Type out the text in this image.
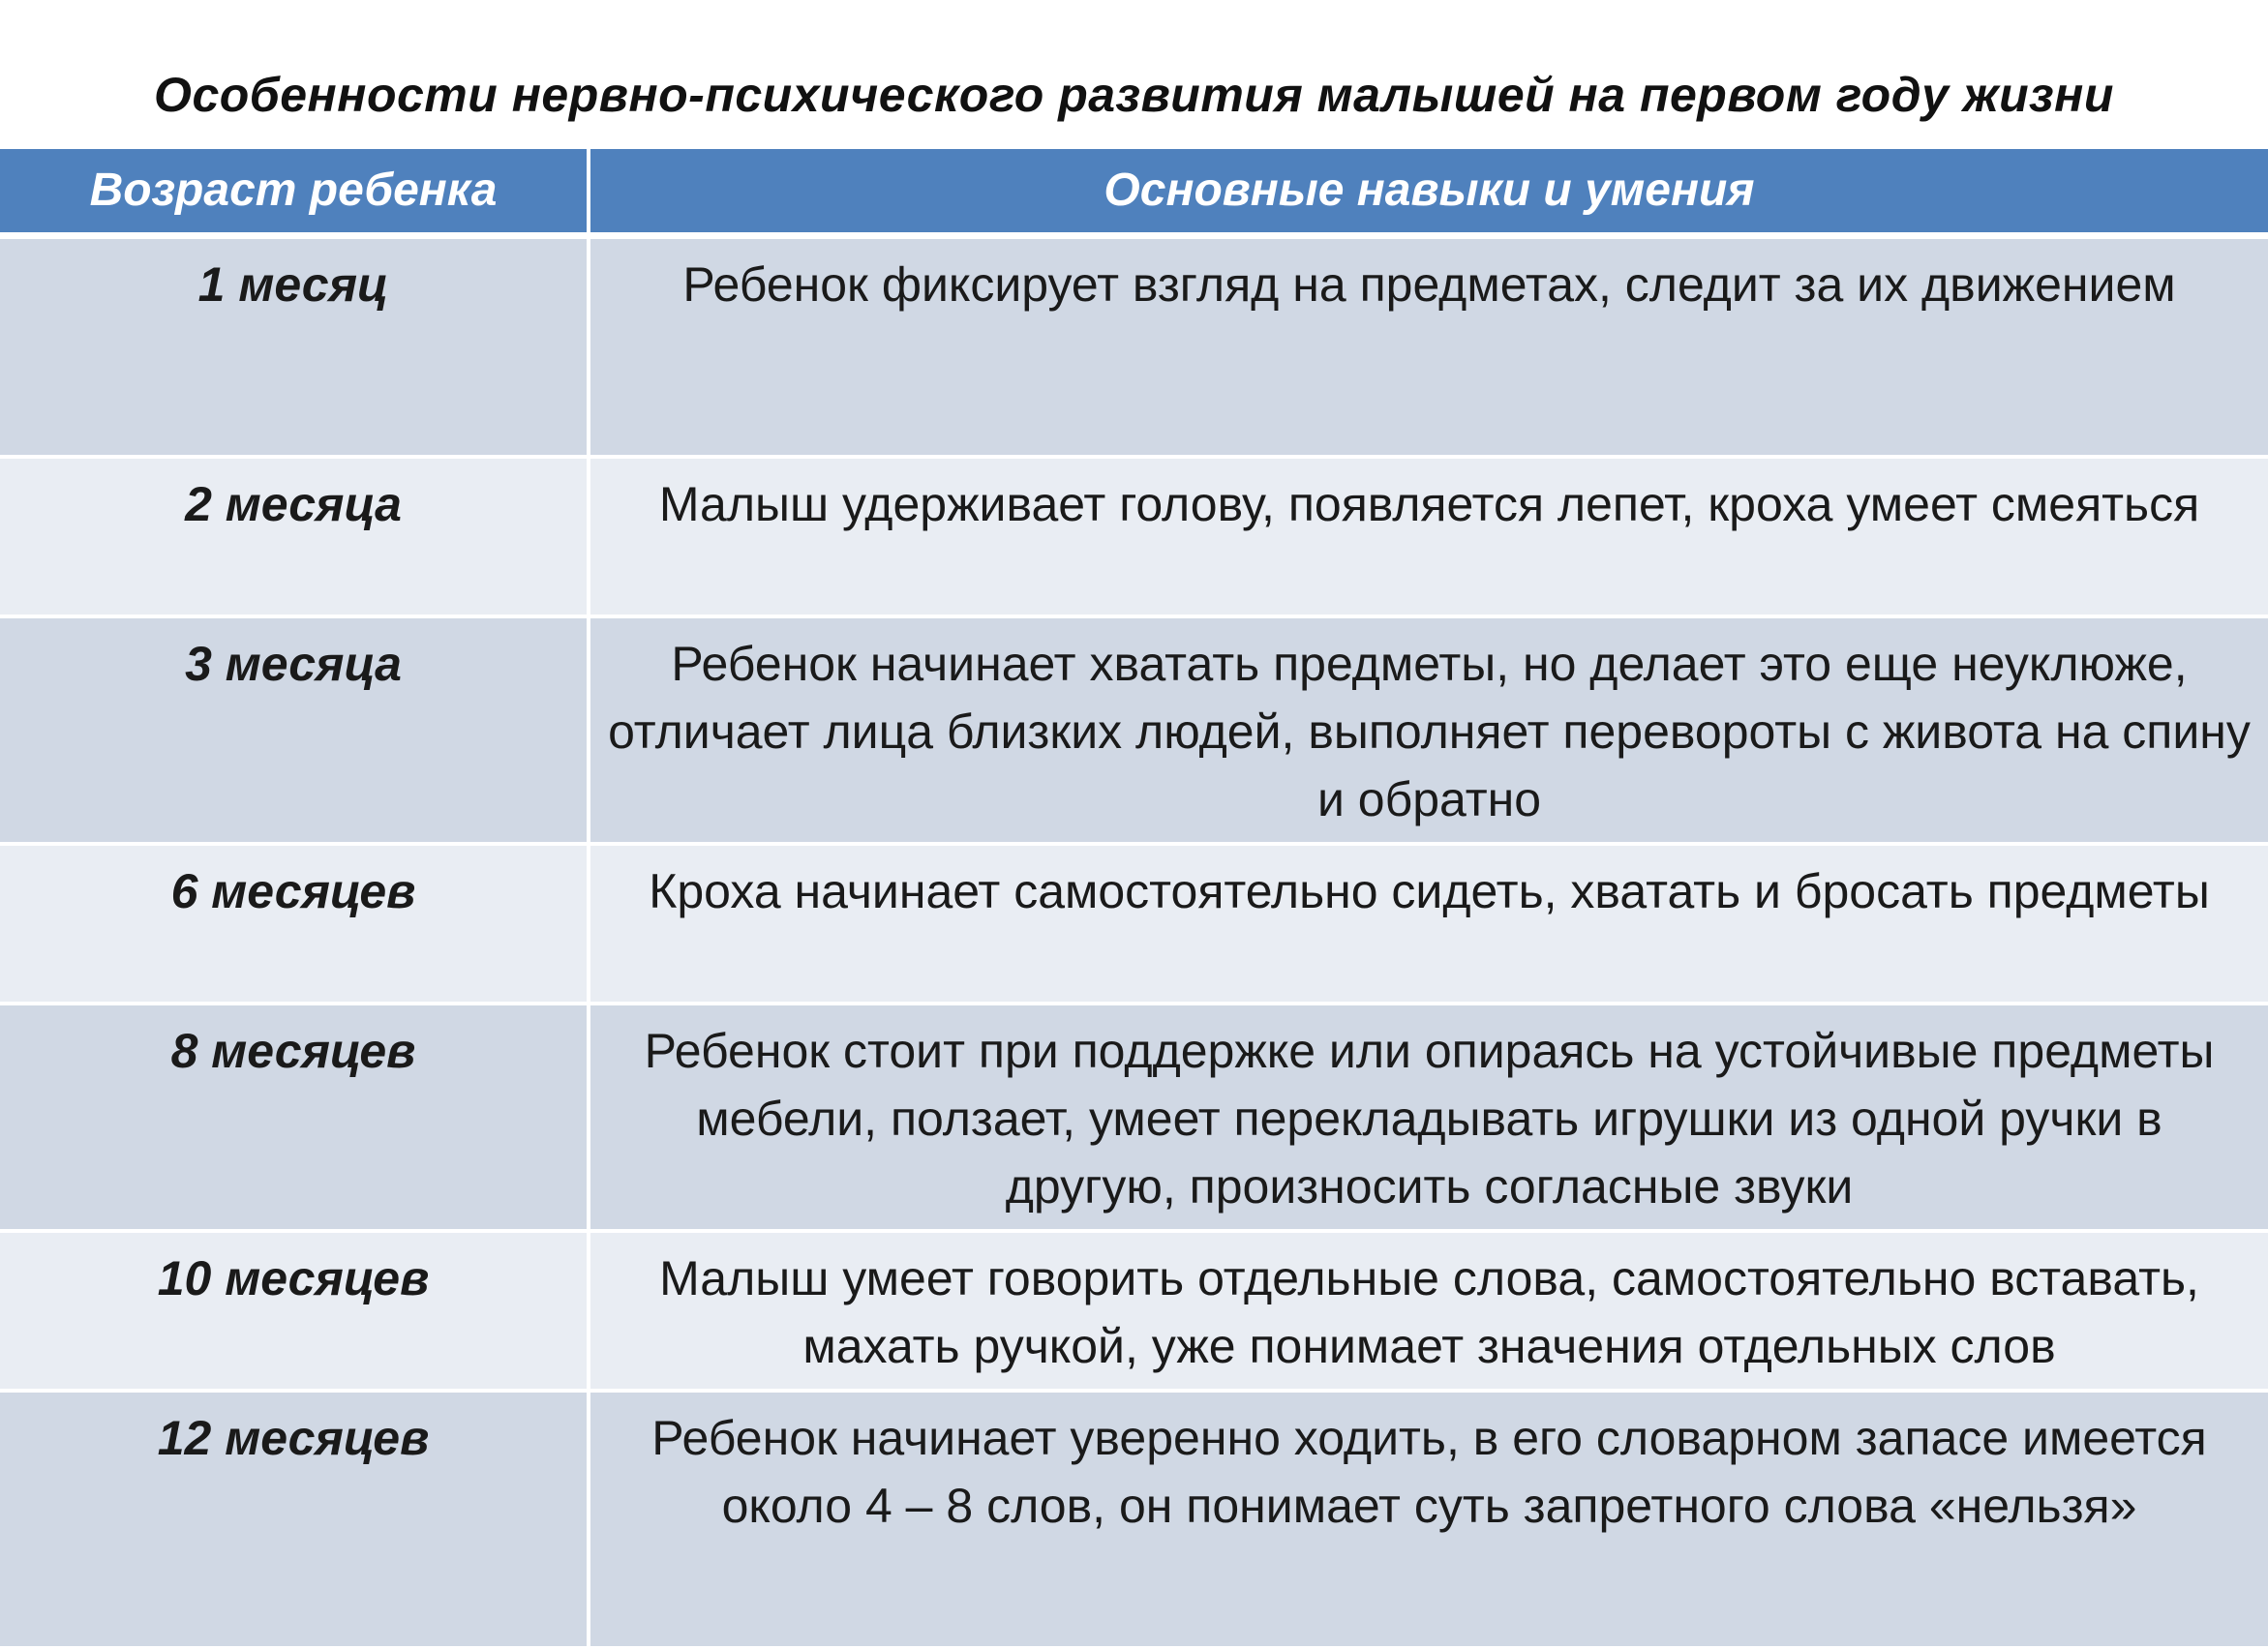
Особенности нервно-психического развития малышей на первом году жизни
Возраст ребенка	Основные навыки и умения
1 месяц	Ребенок фиксирует взгляд на предметах, следит за их движением
2 месяца	Малыш удерживает голову, появляется лепет, кроха умеет смеяться
3 месяца	Ребенок начинает хватать предметы, но делает это еще неуклюже, отличает лица близких людей, выполняет перевороты с живота на спину и обратно
6 месяцев	Кроха начинает самостоятельно сидеть, хватать и бросать предметы
8 месяцев	Ребенок стоит при поддержке или опираясь на устойчивые предметы мебели, ползает, умеет перекладывать игрушки из одной ручки в другую, произносить согласные звуки
10 месяцев	Малыш умеет говорить отдельные слова, самостоятельно вставать, махать ручкой, уже понимает значения отдельных слов
12 месяцев	Ребенок начинает уверенно ходить, в его словарном запасе имеется около 4 – 8 слов, он понимает суть запретного слова «нельзя»
